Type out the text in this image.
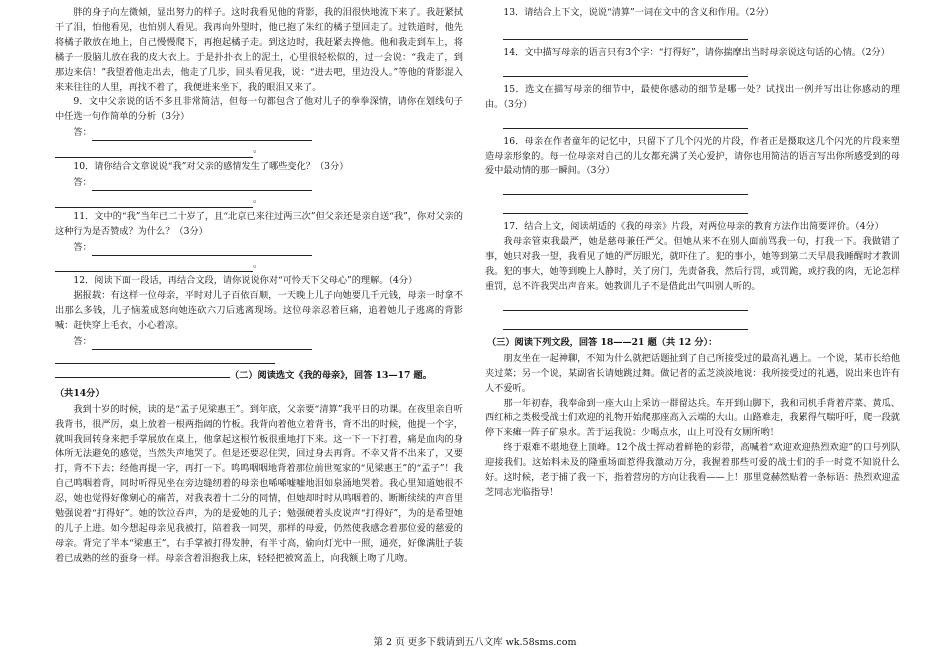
胖的身子向左微倾，显出努力的样子。这时我看见他的背影，我的泪很快地流下来了。我赶紧拭干了泪，怕他看见，也怕别人看见。我再向外望时，他已抱了朱红的橘子望回走了。过铁道时，他先将橘子散放在地上，自己慢慢爬下，再抱起橘子走。到这边时，我赶紧去搀他。他和我走到车上，将橘子一股脑儿放在我的皮大衣上。于是扑扑衣上的泥土，心里很轻松似的，过一会说：“我走了，到那边来信！”我望着他走出去，他走了几步，回头看见我，说：“进去吧，里边没人。”等他的背影混入来来往往的人里，再找不着了，我便进来坐下，我的眼泪又来了。

9．文中父亲说的话不多且非常简洁，但每一句都包含了他对儿子的拳拳深情，请你在划线句子中任选一句作简单的分析（3分）

答：
。

10．请你结合文章说说“我”对父亲的感情发生了哪些变化？（3分）

答：
。

11．文中的“我”当年已二十岁了，且“北京已来往过两三次”但父亲还是亲自送“我”，你对父亲的这种行为是否赞成？为什么？（3分）

答：
。

12．阅读下面一段话，再结合文段，请你说说你对“可怜天下父母心”的理解。（4分）

据报载：有这样一位母亲，平时对儿子百依百顺，一天晚上儿子向她要几千元钱，母亲一时拿不出那么多钱，儿子恼羞成怒向她连砍六刀后逃离现场。这位母亲忍着巨痛，追着她儿子逃离的背影喊：赶快穿上毛衣，小心着凉。

答：
（二）阅读选文《我的母亲》，回答 13—17 题。
（共14分）

我到十岁的时候，读的是“孟子见梁惠王”。到年底，父亲要“清算”我平日的功课。在夜里亲自听我背书，很严厉，桌上放着一根两指阔的竹板。我背向着他立着背书，背不出的时候，他提一个字，就叫我回转身来把手掌展放在桌上，他拿起这根竹板很重地打下来。这一下一下打着，痛是血肉的身体所无法避免的感觉，当然失声地哭了。但是还要忍住哭，回过身去再背。不幸又背不出来了，又要打，背不下去；经他再提一字，再打一下。鸣鸣咽咽地背着那位前世冤家的“见梁惠王”的“孟子”！我自己鸣咽着背，同时听得见坐在旁边缝纫着的母亲也唏唏嘘嘘地泪如泉涌地哭着。我心里知道她很不忍，她也觉得好像剜心的痛苦，对我表着十二分的同情，但她却时时从鸣咽着的、断断续续的声音里勉强说着“打得好”。她的饮泣吞声，为的是爱她的儿子；勉强硬着头皮说声“打得好”，为的是希望她的儿子上进。如今想起母亲见我被打，陪着我一同哭，那样的母爱，仍然使我感念着那位爱的慈爱的母亲。背完了半本“梁惠王”，右手掌被打得发肿，有半寸高，偷向灯光中一照，通亮，好像满肚子装着已成熟的丝的蚕身一样。母亲含着泪抱我上床，轻轻把被窝盖上，向我额上吻了几吻。

13．请结合上下文，说说“清算”一词在文中的含义和作用。（2分）

14．文中描写母亲的语言只有3个字：“打得好”，请你揣摩出当时母亲说这句话的心情。（2分）

15．选文在描写母亲的细节中，最使你感动的细节是哪一处？试找出一例并写出让你感动的理由。（3分）

16．母亲在作者童年的记忆中，只留下了几个闪光的片段，作者正是摄取这几个闪光的片段来塑造母亲形象的。每一位母亲对自己的儿女都充满了关心爱护，请你也用简洁的语言写出你所感受到的母爱中最动情的那一瞬间。（3分）

17．结合上文，阅读胡适的《我的母亲》片段，对两位母亲的教育方法作出简要评价。（4分）

我母亲管束我最严，她是慈母兼任严父。但她从来不在别人面前骂我一句，打我一下。我做错了事，她只对我一望，我看见了她的严厉眼光，就吓住了。犯的事小，她等到第二天早晨我睡醒时才教训我。犯的事大，她等到晚上人静时，关了房门，先责备我，然后行罚，或罚跪，或拧我的肉，无论怎样重罚，总不许我哭出声音来。她教训儿子不是借此出气叫别人听的。

（三）阅读下列文段，回答 18——21 题（共 12 分）：

朋友坐在一起神聊，不知为什么就把话题扯到了自己所接受过的最高礼遇上。一个说，某市长给他夹过菜；另一个说，某副省长请她跳过舞。做记者的孟芝淡淡地说：我所接受过的礼遇，说出来也许有人不爱听。

那一年初春，我奉命到一座大山上采访一群留达兵。车开到山脚下，我和司机手背着芹菜、黄瓜、西红柿之类极受战士们欢迎的礼物开始爬那座高入云端的大山。山路难走，我累得气喘吁吁，爬一段就停下来瘫一阵子矿泉水。苦于运我说：少喝点水，山上可没有女厕所哟！

终于艰难不堪地登上顶峰。12个战士挥动着鲜艳的彩带，高喊着“欢迎欢迎热烈欢迎”的口号列队迎接我们。这始料未及的隆重场面惹得我激动万分，我握着那些可爱的战士们的手一时竟不知说什么好。这时候，老于捕了我一下，指着营房的方向让我看——上！那里竟赫然贴着一条标语：热烈欢迎孟芝同志光临指导！

第 2 页 更多下载请到五八文库 wk.58sms.com
